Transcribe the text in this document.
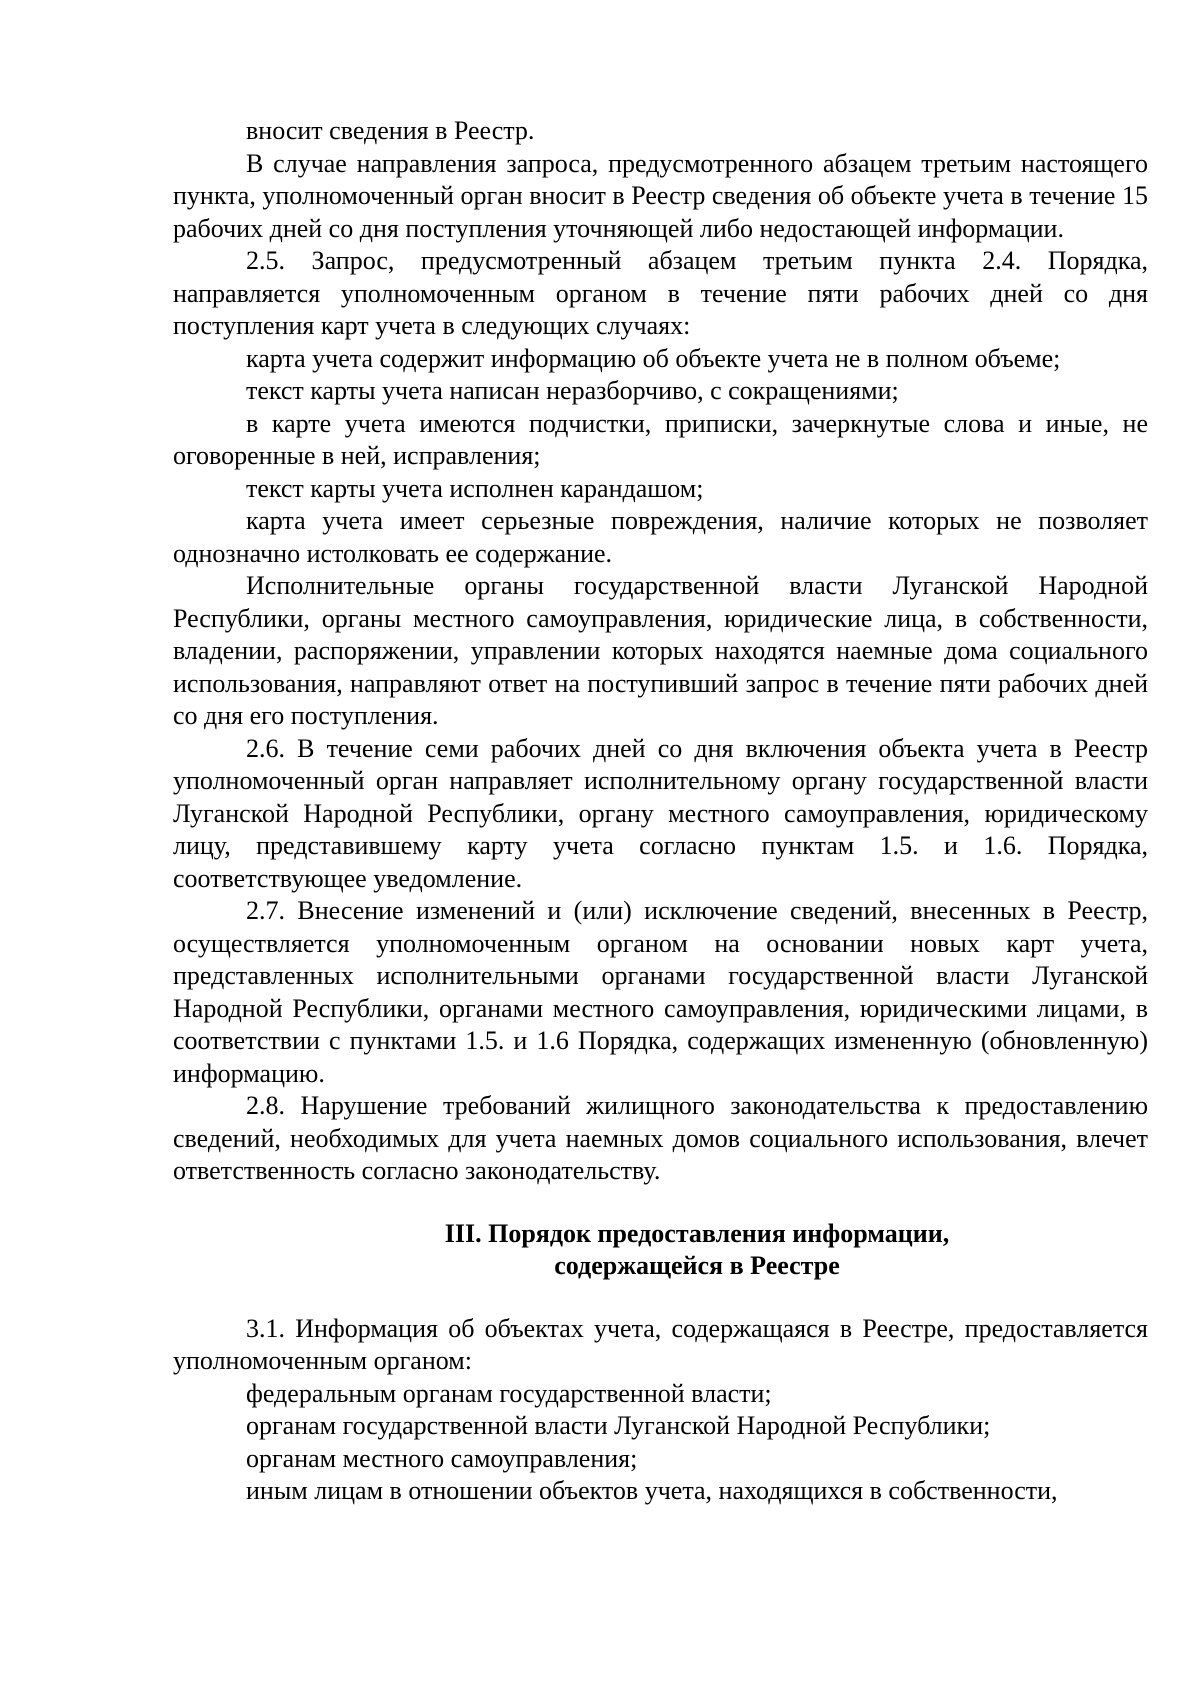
вносит сведения в Реестр.

В случае направления запроса, предусмотренного абзацем третьим настоящего пункта, уполномоченный орган вносит в Реестр сведения об объекте учета в течение 15 рабочих дней со дня поступления уточняющей либо недостающей информации.

2.5. Запрос, предусмотренный абзацем третьим пункта 2.4. Порядка, направляется уполномоченным органом в течение пяти рабочих дней со дня поступления карт учета в следующих случаях:

карта учета содержит информацию об объекте учета не в полном объеме;

текст карты учета написан неразборчиво, с сокращениями;

в карте учета имеются подчистки, приписки, зачеркнутые слова и иные, не оговоренные в ней, исправления;

текст карты учета исполнен карандашом;

карта учета имеет серьезные повреждения, наличие которых не позволяет однозначно истолковать ее содержание.

Исполнительные органы государственной власти Луганской Народной Республики, органы местного самоуправления, юридические лица, в собственности, владении, распоряжении, управлении которых находятся наемные дома социального использования, направляют ответ на поступивший запрос в течение пяти рабочих дней со дня его поступления.

2.6. В течение семи рабочих дней со дня включения объекта учета в Реестр уполномоченный орган направляет исполнительному органу государственной власти Луганской Народной Республики, органу местного самоуправления, юридическому лицу, представившему карту учета согласно пунктам 1.5. и 1.6. Порядка, соответствующее уведомление.

2.7. Внесение изменений и (или) исключение сведений, внесенных в Реестр, осуществляется уполномоченным органом на основании новых карт учета, представленных исполнительными органами государственной власти Луганской Народной Республики, органами местного самоуправления, юридическими лицами, в соответствии с пунктами 1.5. и 1.6 Порядка, содержащих измененную (обновленную) информацию.

2.8. Нарушение требований жилищного законодательства к предоставлению сведений, необходимых для учета наемных домов социального использования, влечет ответственность согласно законодательству.

III. Порядок предоставления информации,
содержащейся в Реестре

3.1. Информация об объектах учета, содержащаяся в Реестре, предоставляется уполномоченным органом:

федеральным органам государственной власти;

органам государственной власти Луганской Народной Республики;

органам местного самоуправления;

иным лицам в отношении объектов учета, находящихся в собственности,
